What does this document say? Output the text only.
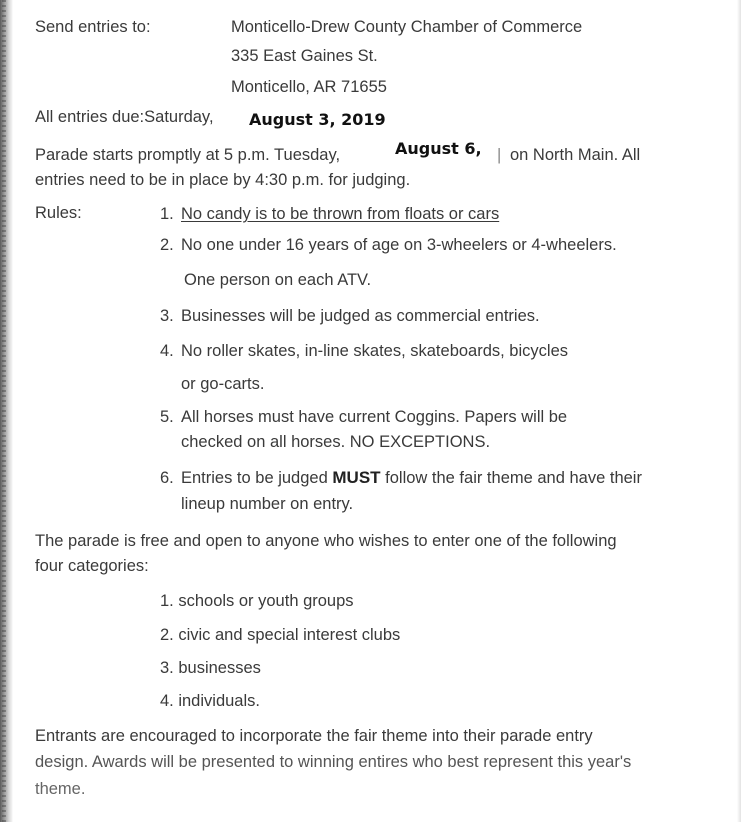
Send entries to:	Monticello-Drew County Chamber of Commerce
335 East Gaines St.
Monticello, AR 71655
All entries due:Saturday, August 3, 2019
Parade starts promptly at 5 p.m. Tuesday,	August 6, | on North Main. All
entries need to be in place by 4:30 p.m. for judging.
Rules:	1. No candy is to be thrown from floats or cars
2. No one under 16 years of age on 3-wheelers or 4-wheelers.
One person on each ATV.
3. Businesses will be judged as commercial entries.
4. No roller skates, in-line skates, skateboards, bicycles
or go-carts.
5. All horses must have current Coggins. Papers will be
checked on all horses. NO EXCEPTIONS.
6. Entries to be judged MUST follow the fair theme and have their
lineup number on entry.
The parade is free and open to anyone who wishes to enter one of the following
four categories:
1. schools or youth groups
2. civic and special interest clubs
3. businesses
4. individuals.
Entrants are encouraged to incorporate the fair theme into their parade entry
design. Awards will be presented to winning entires who best represent this year's
theme.
